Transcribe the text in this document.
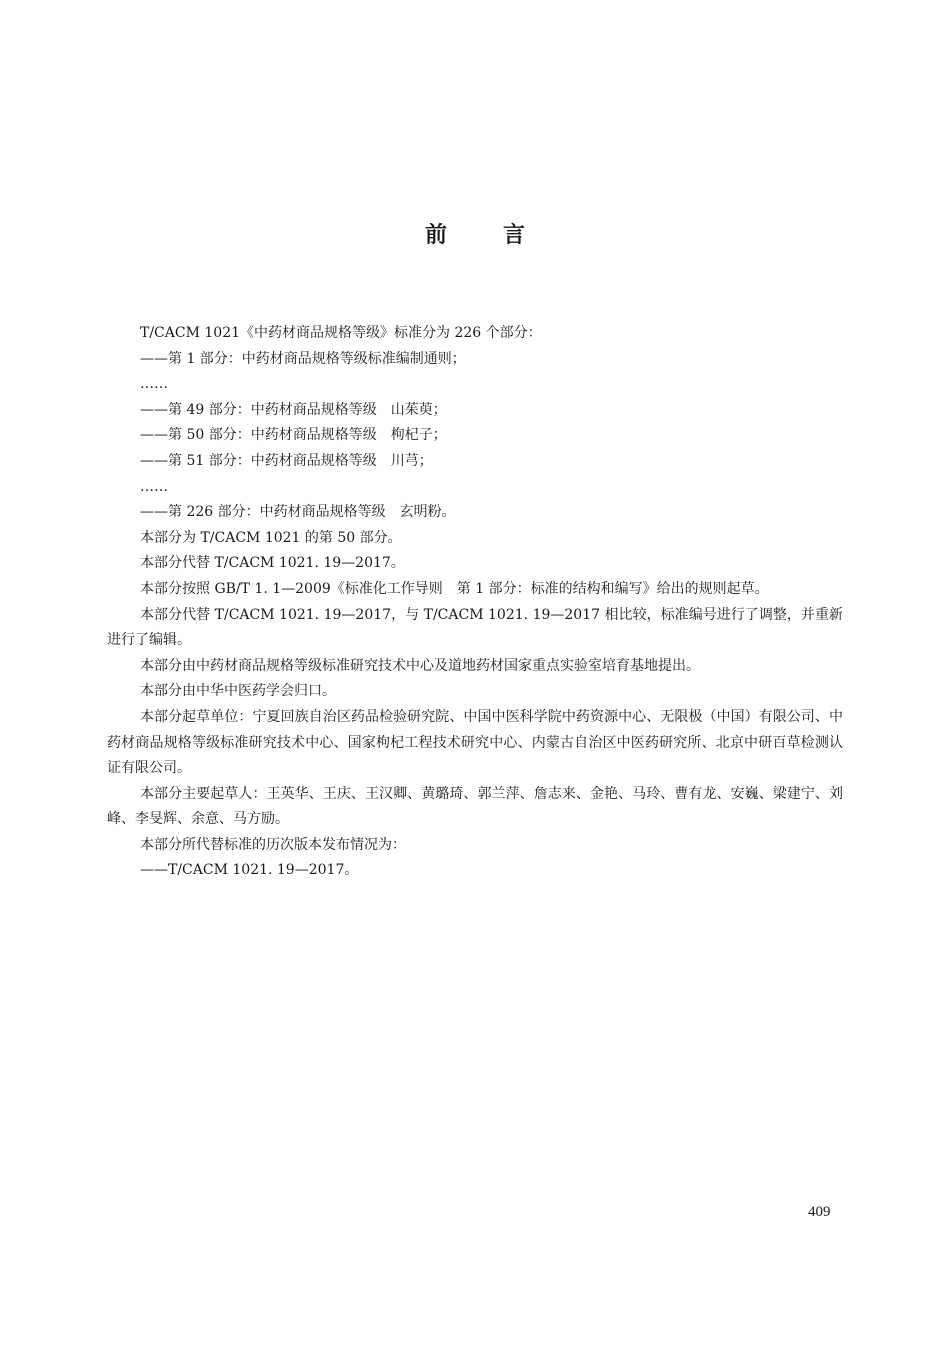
前	言

T/CACM 1021《中药材商品规格等级》标准分为 226 个部分：

——第 1 部分：中药材商品规格等级标准编制通则；

……

——第 49 部分：中药材商品规格等级　山茱萸；

——第 50 部分：中药材商品规格等级　枸杞子；

——第 51 部分：中药材商品规格等级　川芎；

……

——第 226 部分：中药材商品规格等级　玄明粉。

本部分为 T/CACM 1021 的第 50 部分。

本部分代替 T/CACM 1021. 19—2017。

本部分按照 GB/T 1. 1—2009《标准化工作导则　第 1 部分：标准的结构和编写》给出的规则起草。

本部分代替 T/CACM 1021. 19—2017，与 T/CACM 1021. 19—2017 相比较，标准编号进行了调整，并重新进行了编辑。

本部分由中药材商品规格等级标准研究技术中心及道地药材国家重点实验室培育基地提出。

本部分由中华中医药学会归口。

本部分起草单位：宁夏回族自治区药品检验研究院、中国中医科学院中药资源中心、无限极（中国）有限公司、中药材商品规格等级标准研究技术中心、国家枸杞工程技术研究中心、内蒙古自治区中医药研究所、北京中研百草检测认证有限公司。

本部分主要起草人：王英华、王庆、王汉卿、黄璐琦、郭兰萍、詹志来、金艳、马玲、曹有龙、安巍、梁建宁、刘峰、李旻辉、余意、马方励。

本部分所代替标准的历次版本发布情况为：

——T/CACM 1021. 19—2017。

409
